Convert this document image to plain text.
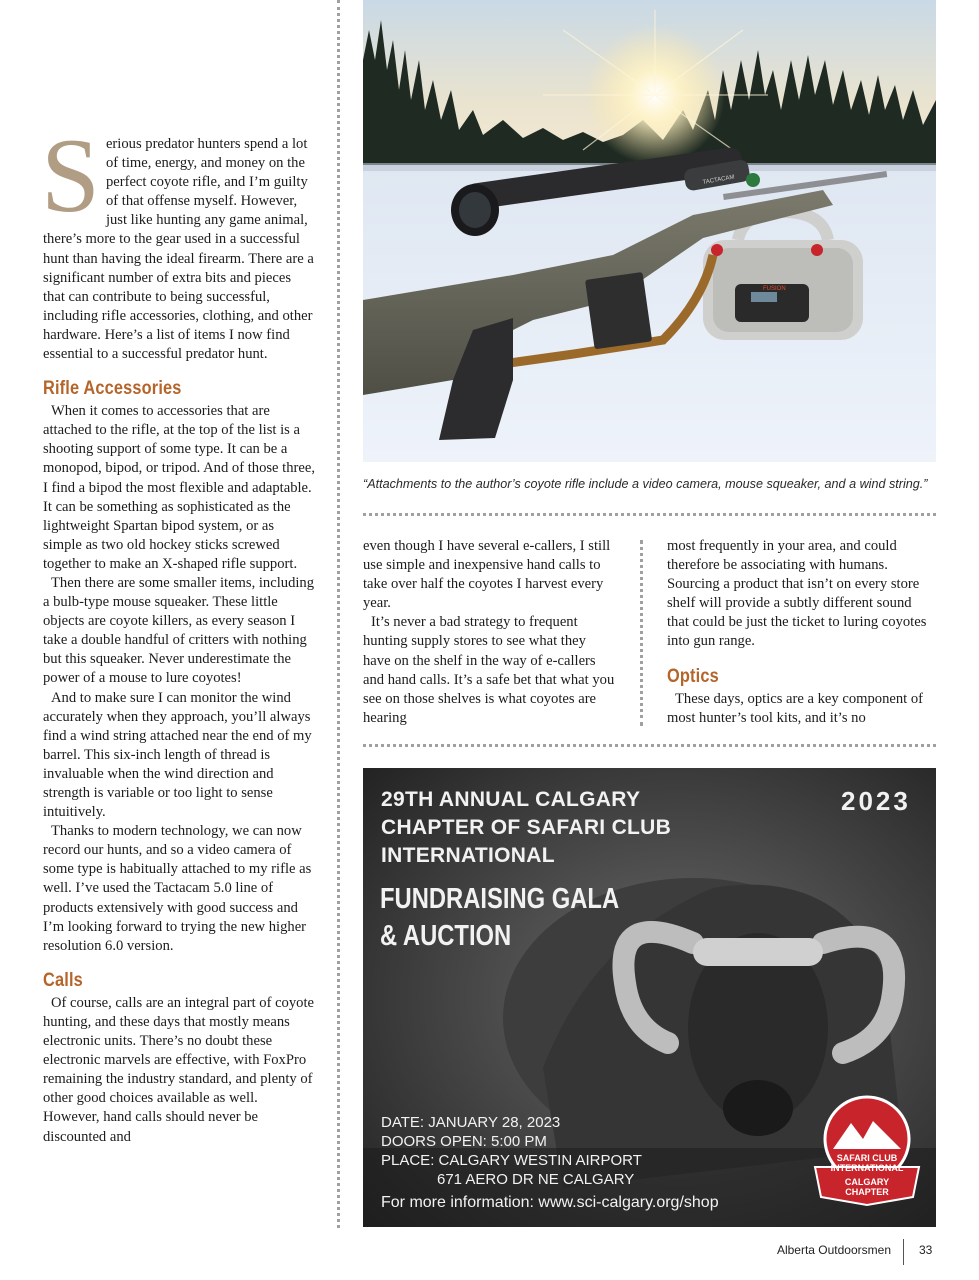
Serious predator hunters spend a lot of time, energy, and money on the perfect coyote rifle, and I’m guilty of that offense myself. However, just like hunting any game animal, there’s more to the gear used in a successful hunt than having the ideal firearm. There are a significant number of extra bits and pieces that can contribute to being successful, including rifle accessories, clothing, and other hardware. Here’s a list of items I now find essential to a successful predator hunt.

Rifle Accessories

When it comes to accessories that are attached to the rifle, at the top of the list is a shooting support of some type. It can be a monopod, bipod, or tripod. And of those three, I find a bipod the most flexible and adaptable. It can be something as sophisticated as the lightweight Spartan bipod system, or as simple as two old hockey sticks screwed together to make an X-shaped rifle support.

Then there are some smaller items, including a bulb-type mouse squeaker. These little objects are coyote killers, as every season I take a double handful of critters with nothing but this squeaker. Never underestimate the power of a mouse to lure coyotes!

And to make sure I can monitor the wind accurately when they approach, you’ll always find a wind string attached near the end of my barrel. This six-inch length of thread is invaluable when the wind direction and strength is variable or too light to sense intuitively.

Thanks to modern technology, we can now record our hunts, and so a video camera of some type is habitually attached to my rifle as well. I’ve used the Tactacam 5.0 line of products extensively with good success and I’m looking forward to trying the new higher resolution 6.0 version.

Calls

Of course, calls are an integral part of coyote hunting, and these days that mostly means electronic units. There’s no doubt these electronic marvels are effective, with FoxPro remaining the industry standard, and plenty of other good choices available as well. However, hand calls should never be discounted and

FUSION
TACTACAM
“Attachments to the author’s coyote rifle include a video camera, mouse squeaker, and a wind string.”

even though I have several e-callers, I still use simple and inexpensive hand calls to take over half the coyotes I harvest every year.

It’s never a bad strategy to frequent hunting supply stores to see what they have on the shelf in the way of e-callers and hand calls. It’s a safe bet that what you see on those shelves is what coyotes are hearing

most frequently in your area, and could therefore be associating with humans. Sourcing a product that isn’t on every store shelf will provide a subtly different sound that could be just the ticket to luring coyotes into gun range.

Optics

These days, optics are a key component of most hunter’s tool kits, and it’s no

29TH ANNUAL CALGARY
CHAPTER OF SAFARI CLUB
INTERNATIONAL
2023
FUNDRAISING GALA
& AUCTION
DATE: JANUARY 28, 2023
DOORS OPEN: 5:00 PM
PLACE: CALGARY WESTIN AIRPORT
671 AERO DR NE CALGARY
For more information: www.sci-calgary.org/shop
SAFARI CLUB
INTERNATIONAL
CALGARY
CHAPTER
Alberta Outdoorsmen 33
